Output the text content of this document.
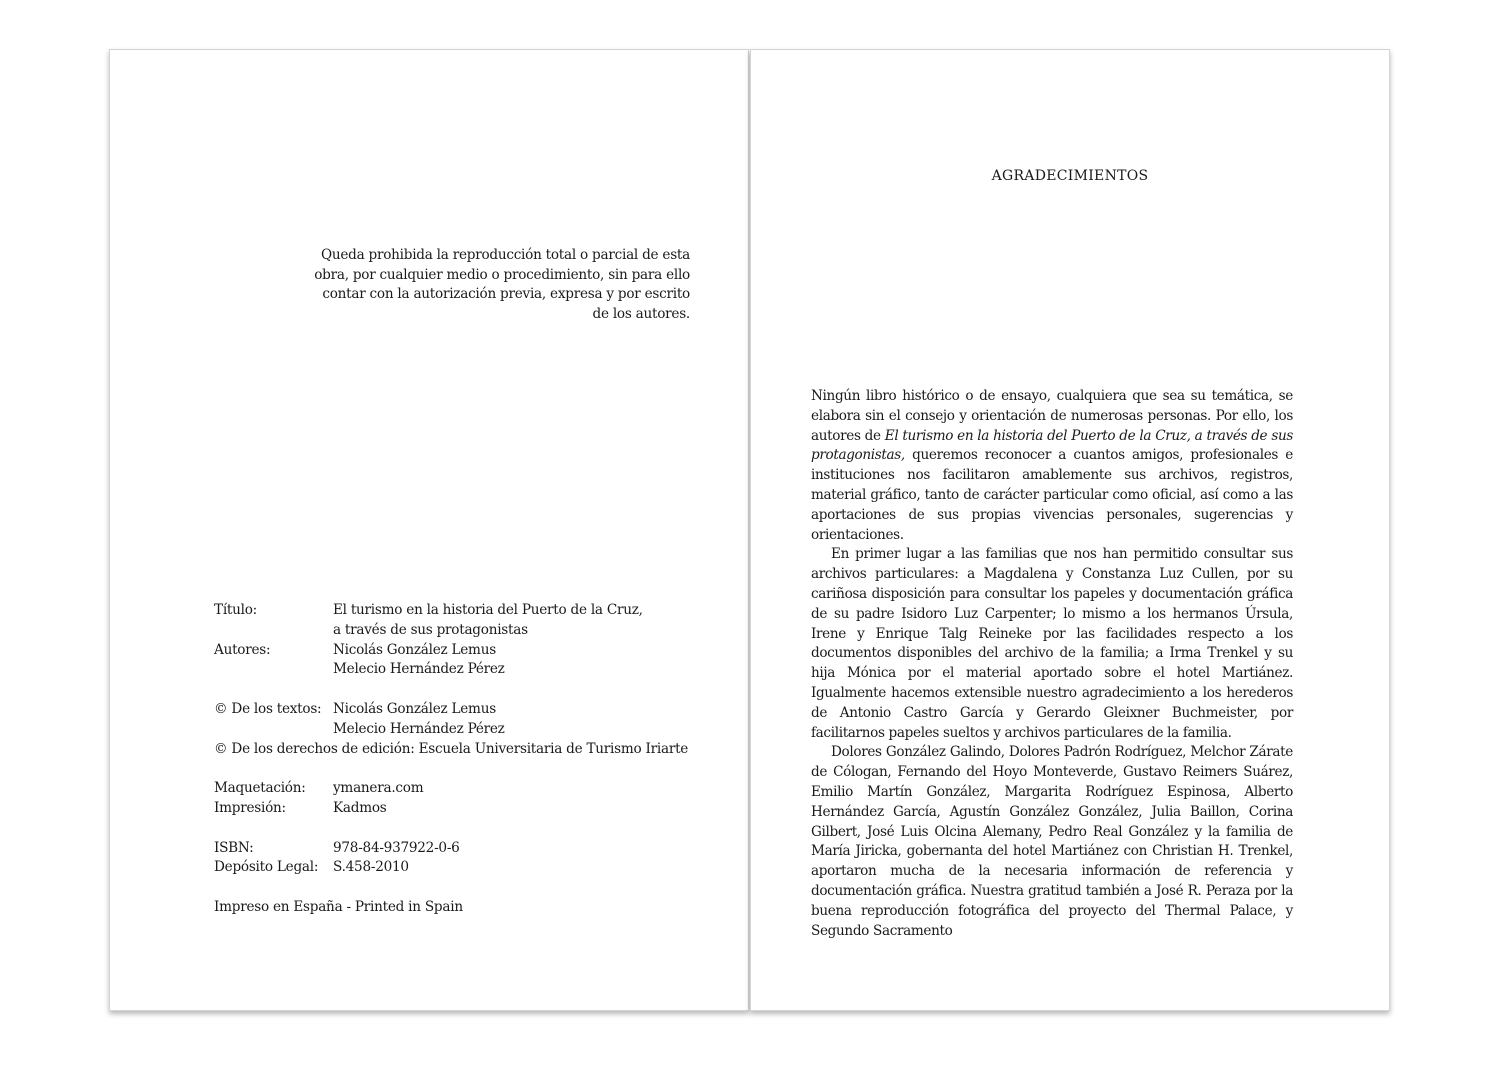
Queda prohibida la reproducción total o parcial de esta obra, por cualquier medio o procedimiento, sin para ello contar con la autorización previa, expresa y por escrito de los autores.
Título:	El turismo en la historia del Puerto de la Cruz,
a través de sus protagonistas
Autores:	Nicolás González Lemus
Melecio Hernández Pérez
© De los textos: Nicolás González Lemus
Melecio Hernández Pérez
© De los derechos de edición: Escuela Universitaria de Turismo Iriarte
Maquetación:	ymanera.com
Impresión:	Kadmos
ISBN:	978-84-937922-0-6
Depósito Legal:	S.458-2010
Impreso en España - Printed in Spain
AGRADECIMIENTOS

Ningún libro histórico o de ensayo, cualquiera que sea su temática, se elabora sin el consejo y orientación de numerosas personas. Por ello, los autores de El turismo en la historia del Puerto de la Cruz, a través de sus protagonistas, queremos reconocer a cuantos amigos, profesionales e instituciones nos facilitaron amablemente sus archivos, registros, material gráfico, tanto de carácter particular como oficial, así como a las aportaciones de sus propias vivencias personales, sugerencias y orientaciones.

En primer lugar a las familias que nos han permitido consultar sus archivos particulares: a Magdalena y Constanza Luz Cullen, por su cariñosa disposición para consultar los papeles y documentación gráfica de su padre Isidoro Luz Carpenter; lo mismo a los hermanos Úrsula, Irene y Enrique Talg Reineke por las facilidades respecto a los documentos disponibles del archivo de la familia; a Irma Trenkel y su hija Mónica por el material aportado sobre el hotel Martiánez. Igualmente hacemos extensible nuestro agradecimiento a los herederos de Antonio Castro García y Gerardo Gleixner Buchmeister, por facilitarnos papeles sueltos y archivos particulares de la familia.

Dolores González Galindo, Dolores Padrón Rodríguez, Melchor Zárate de Cólogan, Fernando del Hoyo Monteverde, Gustavo Reimers Suárez, Emilio Martín González, Margarita Rodríguez Espinosa, Alberto Hernández García, Agustín González González, Julia Baillon, Corina Gilbert, José Luis Olcina Alemany, Pedro Real González y la familia de María Jiricka, gobernanta del hotel Martiánez con Christian H. Trenkel, aportaron mucha de la necesaria información de referencia y documentación gráfica. Nuestra gratitud también a José R. Peraza por la buena reproducción fotográfica del proyecto del Thermal Palace, y Segundo Sacramento
